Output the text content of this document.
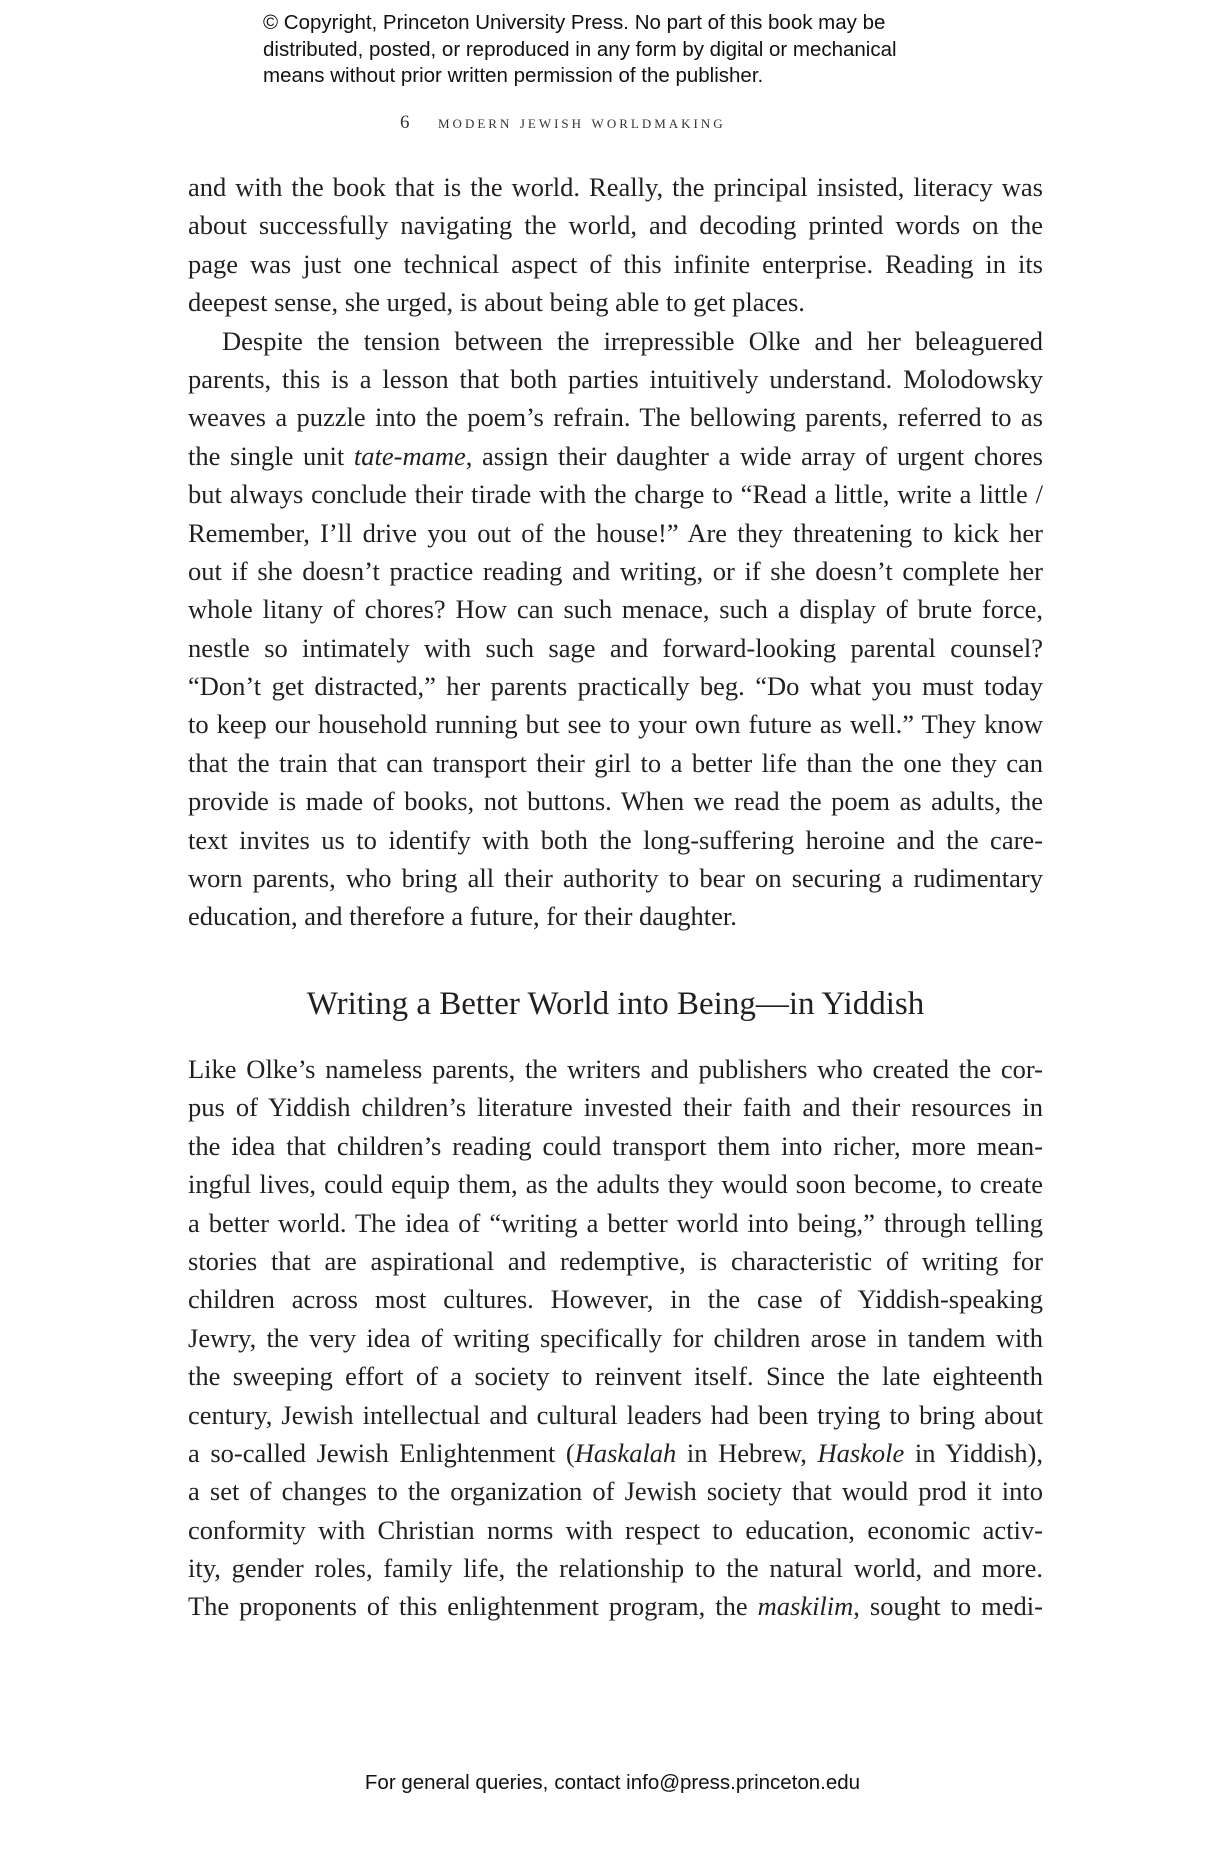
© Copyright, Princeton University Press. No part of this book may be
distributed, posted, or reproduced in any form by digital or mechanical
means without prior written permission of the publisher.
6 modern jewish worldmaking
and with the book that is the world. Really, the principal insisted, literacy was
about successfully navigating the world, and decoding printed words on the
page was just one technical aspect of this infinite enterprise. Reading in its
deepest sense, she urged, is about being able to get places.
Despite the tension between the irrepressible Olke and her beleaguered
parents, this is a lesson that both parties intuitively understand. Molodowsky
weaves a puzzle into the poem’s refrain. The bellowing parents, referred to as
the single unit tate-mame, assign their daughter a wide array of urgent chores
but always conclude their tirade with the charge to “Read a little, write a little /
Remember, I’ll drive you out of the house!” Are they threatening to kick her
out if she doesn’t practice reading and writing, or if she doesn’t complete her
whole litany of chores? How can such menace, such a display of brute force,
nestle so intimately with such sage and forward-looking parental counsel?
“Don’t get distracted,” her parents practically beg. “Do what you must today
to keep our household running but see to your own future as well.” They know
that the train that can transport their girl to a better life than the one they can
provide is made of books, not buttons. When we read the poem as adults, the
text invites us to identify with both the long-suffering heroine and the care-
worn parents, who bring all their authority to bear on securing a rudimentary
education, and therefore a future, for their daughter.
Writing a Better World into Being—in Yiddish
Like Olke’s nameless parents, the writers and publishers who created the cor-
pus of Yiddish children’s literature invested their faith and their resources in
the idea that children’s reading could transport them into richer, more mean-
ingful lives, could equip them, as the adults they would soon become, to create
a better world. The idea of “writing a better world into being,” through telling
stories that are aspirational and redemptive, is characteristic of writing for
children across most cultures. However, in the case of Yiddish-speaking
Jewry, the very idea of writing specifically for children arose in tandem with
the sweeping effort of a society to reinvent itself. Since the late eighteenth
century, Jewish intellectual and cultural leaders had been trying to bring about
a so-called Jewish Enlightenment (Haskalah in Hebrew, Haskole in Yiddish),
a set of changes to the organization of Jewish society that would prod it into
conformity with Christian norms with respect to education, economic activ-
ity, gender roles, family life, the relationship to the natural world, and more.
The proponents of this enlightenment program, the maskilim, sought to medi-
For general queries, contact info@press.princeton.edu
